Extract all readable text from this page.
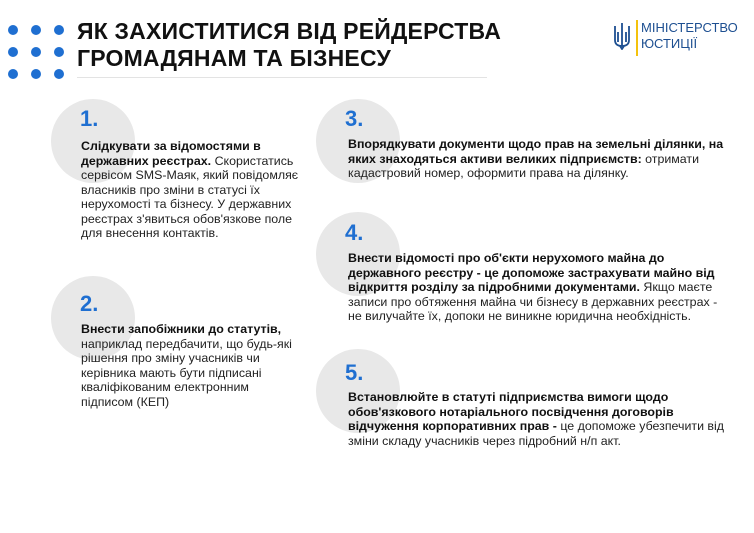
ЯК ЗАХИСТИТИСЯ ВІД РЕЙДЕРСТВА ГРОМАДЯНАМ ТА БІЗНЕСУ
МІНІСТЕРСТВО
ЮСТИЦІЇ
1.
Слідкувати за відомостями в державних реєстрах. Скористатись сервісом SMS-Маяк, який повідомляє власників про зміни в статусі їх нерухомості та бізнесу. У державних реєстрах з'явиться обов'язкове поле для внесення контактів.
2.
Внести запобіжники до статутів, наприклад передбачити, що будь-які рішення про зміну учасників чи керівника мають бути підписані кваліфікованим електронним підписом (КЕП)
3.
Впорядкувати документи щодо прав на земельні ділянки, на яких знаходяться активи великих підприємств: отримати кадастровий номер, оформити права на ділянку.
4.
Внести відомості про об'єкти нерухомого майна до державного реєстру - це допоможе застрахувати майно від відкриття розділу за підробними документами. Якщо маєте записи про обтяження майна чи бізнесу в державних реєстрах - не вилучайте їх, допоки не виникне юридична необхідність.
5.
Встановлюйте в статуті підприємства вимоги щодо обов'язкового нотаріального посвідчення договорів відчуження корпоративних прав - це допоможе убезпечити від зміни складу учасників через підробний н/п акт.
